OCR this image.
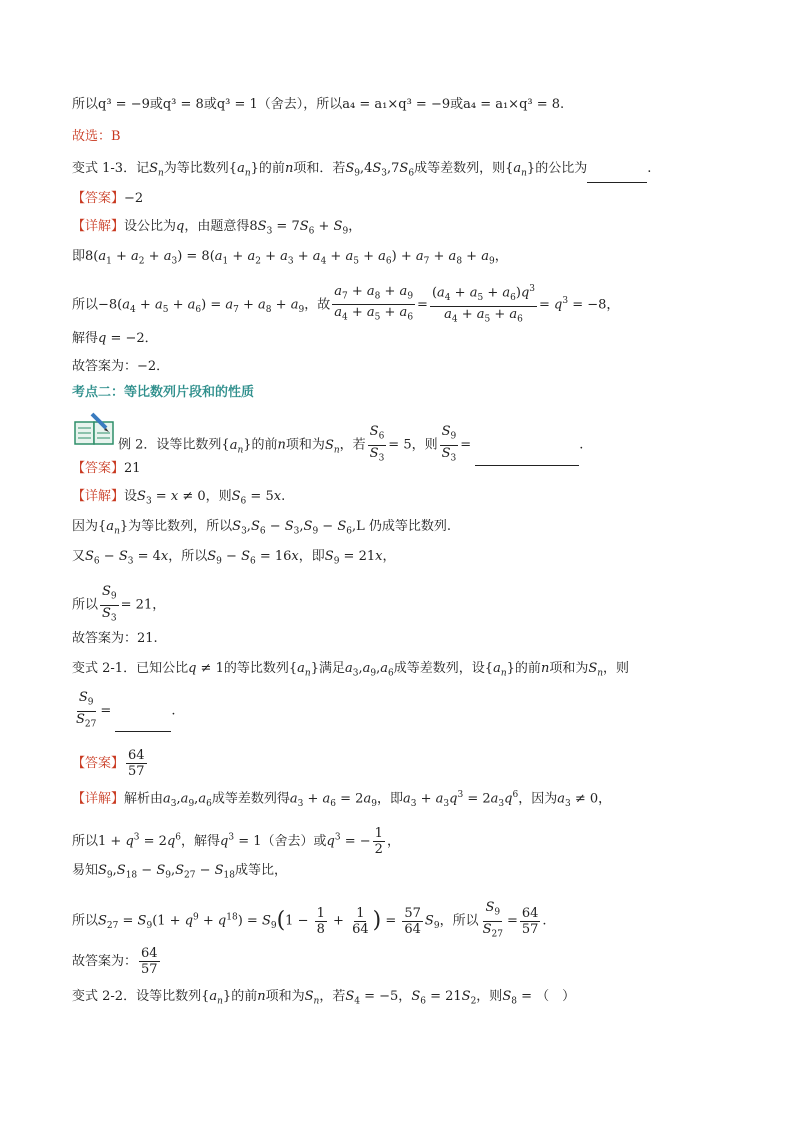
所以q³ = −9或q³ = 8或q³ = 1（舍去），所以a₄ = a₁×q³ = −9或a₄ = a₁×q³ = 8.
故选：B
变式 1-3．记$S_n$为等比数列$\{a_n\}$的前n项和．若$S_9,4S_3,7S_6$成等差数列，则$\{a_n\}$的公比为	.
【答案】−2
【详解】设公比为q，由题意得$8S_3 = 7S_6 + S_9$，
即$8(a_1 + a_2 + a_3) = 8(a_1 + a_2 + a_3 + a_4 + a_5 + a_6) + a_7 + a_8 + a_9$，
所以$-8(a_4 + a_5 + a_6) = a_7 + a_8 + a_9$，故 $\frac{a_7 + a_8 + a_9}{a_4 + a_5 + a_6} = \frac{(a_4 + a_5 + a_6)q^3}{a_4 + a_5 + a_6} = q^3 = -8$，
解得q = −2．
故答案为：−2．
考点二：等比数列片段和的性质
例 2．设等比数列$\{a_n\}$的前n项和为$S_n$，若 $\frac{S_6}{S_3} = 5$，则 $\frac{S_9}{S_3}$ =	.
【答案】21
【详解】设$S_3 = x \ne 0$，则$S_6 = 5x$.
因为$\{a_n\}$为等比数列，所以$S_3,S_6 - S_3,S_9 - S_6,L$ 仍成等比数列.
又$S_6 - S_3 = 4x$，所以$S_9 - S_6 = 16x$，即$S_9 = 21x$，
所以 $\frac{S_9}{S_3} = 21$，
故答案为：21.
变式 2-1．已知公比q ≠ 1的等比数列$\{a_n\}$满足$a_3,a_9,a_6$成等差数列，设$\{a_n\}$的前n项和为$S_n$，则
$\frac{S_9}{S_{27}}$ =	.
【答案】 $\frac{64}{57}$
【详解】解析由$a_3,a_9,a_6$成等差数列得$a_3 + a_6 = 2a_9$，即$a_3 + a_3q^3 = 2a_3q^6$，因为$a_3 \ne 0$，
所以$1 + q^3 = 2q^6$，解得$q^3 = 1$（舍去）或$q^3$ = − $\frac{1}{2}$ ，
易知$S_9,S_{18} - S_9,S_{27} - S_{18}$成等比，
所以$S_{27} = S_9(1 + q^9 + q^{18}) = S_9(1 - \frac{1}{8} + \frac{1}{64}$ ) = $\frac{57}{64} S_9$，所以 $\frac{S_9}{S_{27}} = \frac{64}{57}$ .
故答案为： $\frac{64}{57}$
变式 2-2．设等比数列$\{a_n\}$的前n项和为$S_n$，若$S_4 = -5$，$S_6 = 21S_2$，则$S_8$ = （　）
